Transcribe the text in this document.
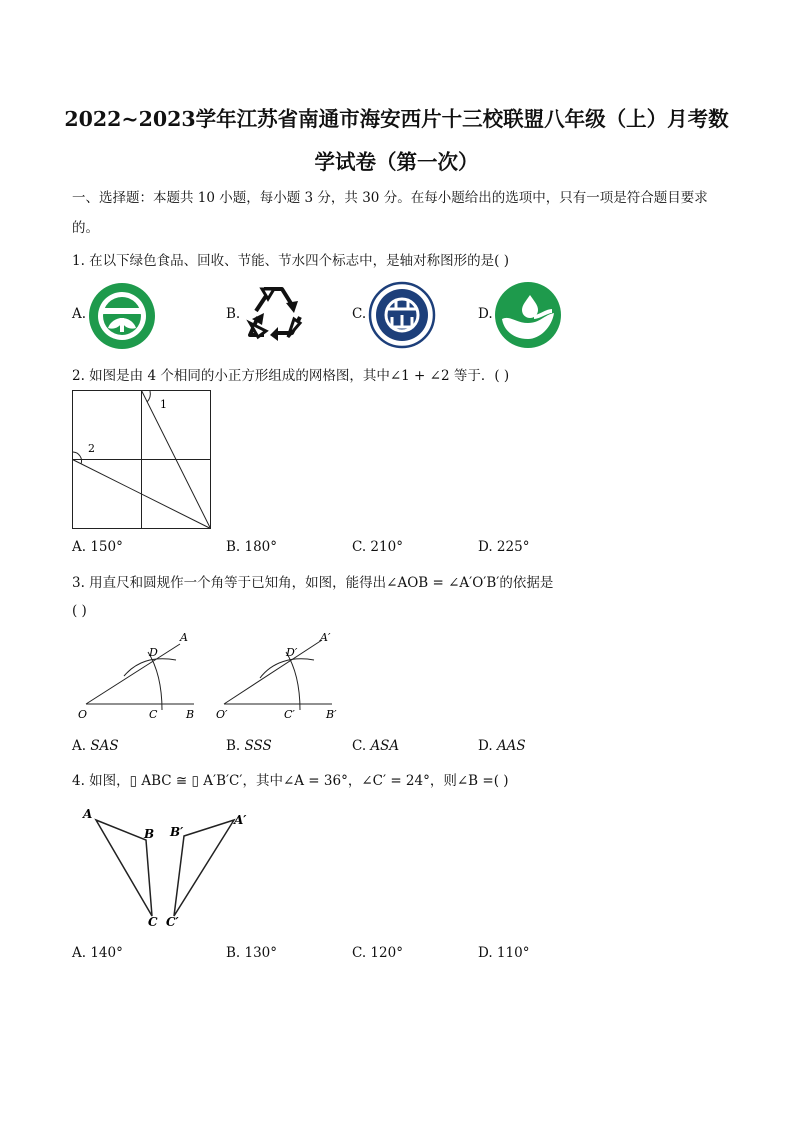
2022~2023学年江苏省南通市海安西片十三校联盟八年级（上）月考数
学试卷（第一次）
一、选择题：本题共 10 小题，每小题 3 分，共 30 分。在每小题给出的选项中，只有一项是符合题目要求
的。
1. 在以下绿色食品、回收、节能、节水四个标志中，是轴对称图形的是( )
A.	B.	C.	D.
2. 如图是由 4 个相同的小正方形组成的网格图，其中∠1 + ∠2 等于．( )
1
2
A. 150°	B. 180°	C. 210°	D. 225°
3. 用直尺和圆规作一个角等于已知角，如图，能得出∠AOB = ∠A′O′B′的依据是
( )
D
A
O	C	B
D′
A′
O′	C′	B′
A. SAS	B. SSS	C. ASA	D. AAS
4. 如图，▯ ABC ≅ ▯ A′B′C′，其中∠A = 36°，∠C′ = 24°，则∠B =( )
A
B
C
B′
A′
C′
A. 140°	B. 130°	C. 120°	D. 110°
